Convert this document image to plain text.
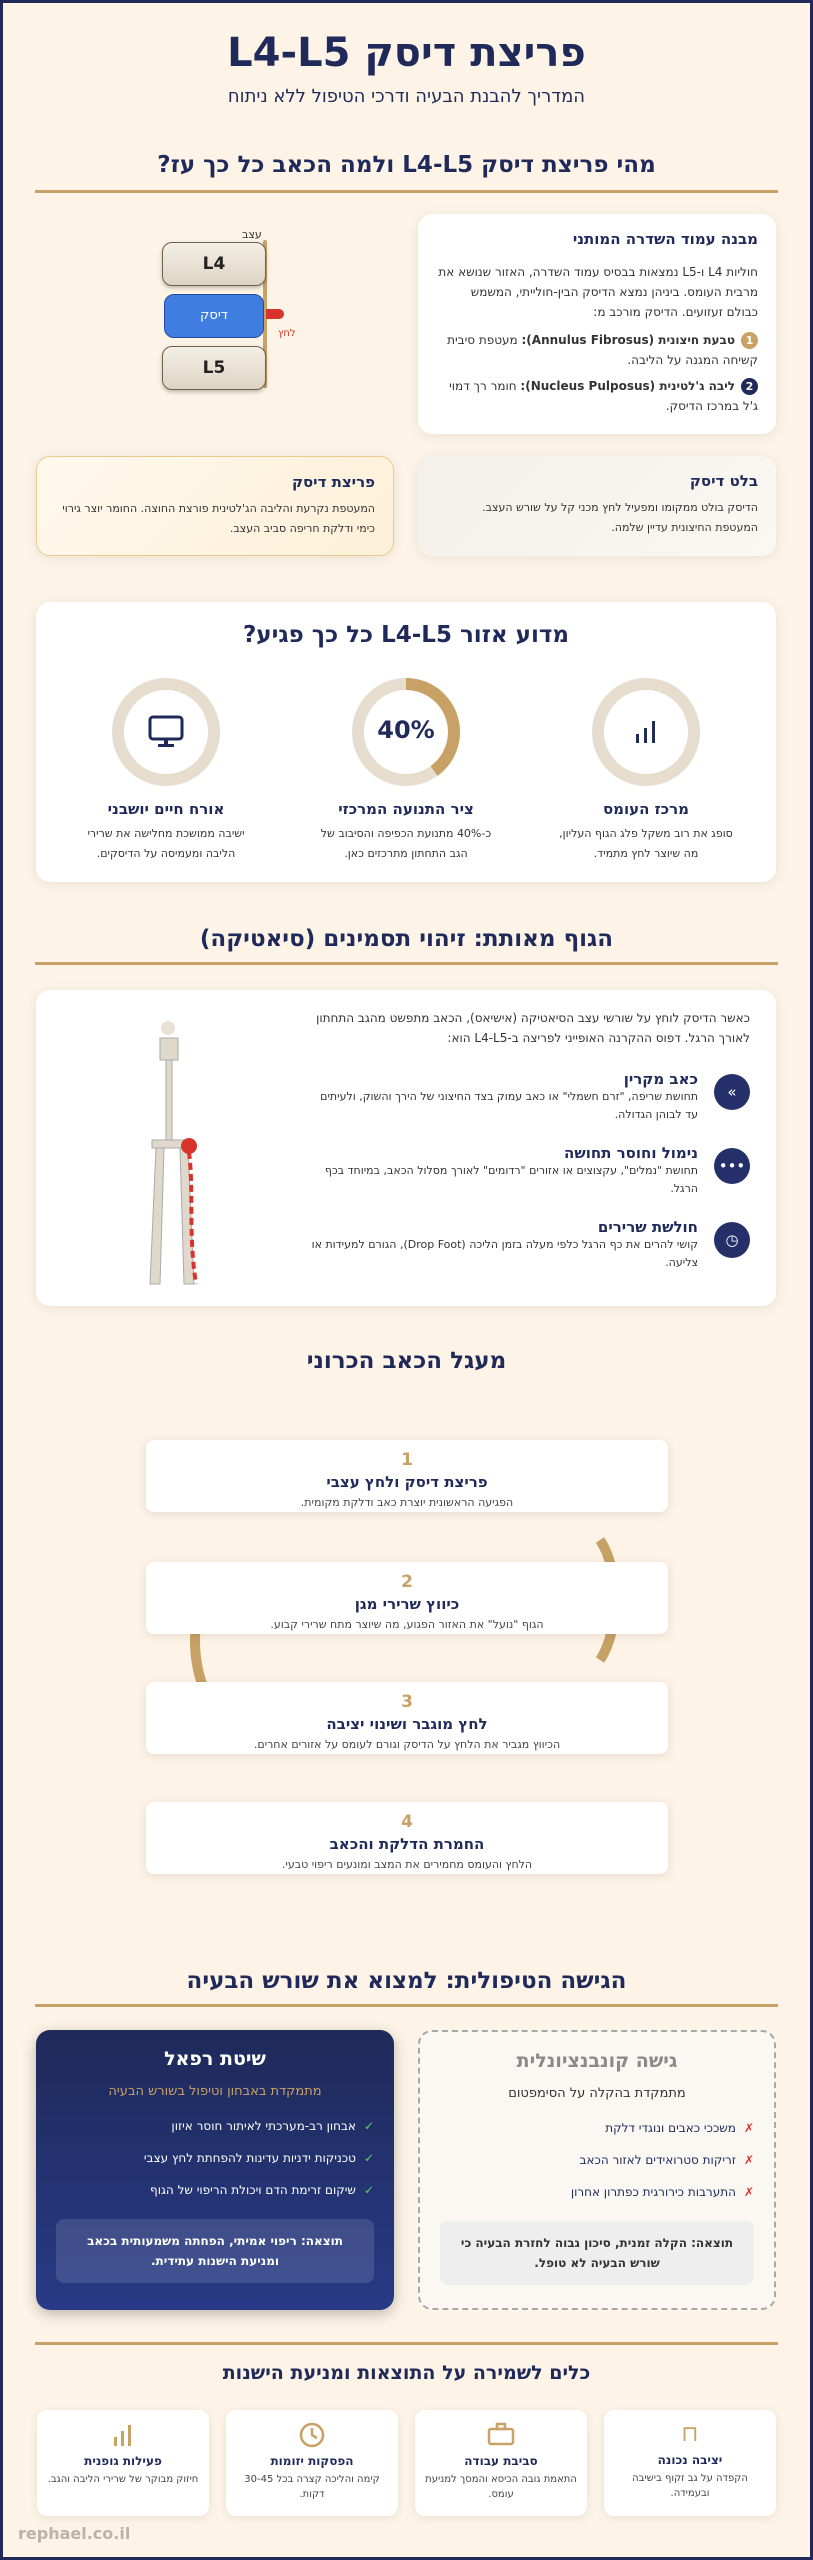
פריצת דיסק L4-L5
המדריך להבנת הבעיה ודרכי הטיפול ללא ניתוח
מהי פריצת דיסק L4-L5 ולמה הכאב כל כך עז?
מבנה עמוד השדרה המותני
חוליות L4 ו-L5 נמצאות בבסיס עמוד השדרה, האזור שנושא את מרבית העומס. ביניהן נמצא הדיסק הבין-חולייתי, המשמש כבולם זעזועים. הדיסק מורכב מ:
1טבעת חיצונית (Annulus Fibrosus): מעטפת סיבית קשיחה המגנה על הליבה.
2ליבה ג'לטינית (Nucleus Pulposus): חומר רך דמוי ג'ל במרכז הדיסק.
עצב
L4
דיסק
לחץ
L5
בלט דיסק
הדיסק בולט ממקומו ומפעיל לחץ מכני קל על שורש העצב. המעטפת החיצונית עדיין שלמה.
פריצת דיסק
המעטפת נקרעת והליבה הג'לטינית פורצת החוצה. החומר יוצר גירוי כימי ודלקת חריפה סביב העצב.
מדוע אזור L4-L5 כל כך פגיע?
מרכז העומס
סופג את רוב משקל פלג הגוף העליון, מה שיוצר לחץ מתמיד.
40%
ציר התנועה המרכזי
כ-40% מתנועת הכפיפה והסיבוב של הגב התחתון מתרכזים כאן.
אורח חיים יושבני
ישיבה ממושכת מחלישה את שרירי הליבה ומעמיסה על הדיסקים.
הגוף מאותת: זיהוי תסמינים (סיאטיקה)
כאשר הדיסק לוחץ על שורשי עצב הסיאטיקה (אישיאס), הכאב מתפשט מהגב התחתון לאורך הרגל. דפוס ההקרנה האופייני לפריצה ב-L4-L5 הוא:
»
כאב מקרין
תחושת שריפה, "זרם חשמלי" או כאב עמוק בצד החיצוני של הירך והשוק, ולעיתים עד לבוהן הגדולה.
•••
נימול וחוסר תחושה
תחושת "נמלים", עקצוצים או אזורים "רדומים" לאורך מסלול הכאב, במיוחד בכף הרגל.
◷
חולשת שרירים
קושי להרים את כף הרגל כלפי מעלה בזמן הליכה (Drop Foot), הגורם למעידות או צליעה.
מעגל הכאב הכרוני
1
פריצת דיסק ולחץ עצבי
הפגיעה הראשונית יוצרת כאב ודלקת מקומית.
2
כיווץ שרירי מגן
הגוף "נועל" את האזור הפגוע, מה שיוצר מתח שרירי קבוע.
3
לחץ מוגבר ושינוי יציבה
הכיווץ מגביר את הלחץ על הדיסק וגורם לעומס על אזורים אחרים.
4
החמרת הדלקת והכאב
הלחץ והעומס מחמירים את המצב ומונעים ריפוי טבעי.
הגישה הטיפולית: למצוא את שורש הבעיה
גישה קונבנציונלית
מתמקדת בהקלה על הסימפטום
✗משככי כאבים ונוגדי דלקת
✗זריקות סטרואידים לאזור הכאב
✗התערבות כירורגית כפתרון אחרון
תוצאה: הקלה זמנית, סיכון גבוה לחזרת הבעיה כי שורש הבעיה לא טופל.
שיטת רפאל
מתמקדת באבחון וטיפול בשורש הבעיה
✓אבחון רב-מערכתי לאיתור חוסר איזון
✓טכניקות ידניות עדינות להפחתת לחץ עצבי
✓שיקום זרימת הדם ויכולת הריפוי של הגוף
תוצאה: ריפוי אמיתי, הפחתה משמעותית בכאב ומניעת הישנות עתידית.
כלים לשמירה על התוצאות ומניעת הישנות
⊓
יציבה נכונה
הקפדה על גב זקוף בישיבה ובעמידה.
סביבת עבודה
התאמת גובה הכיסא והמסך למניעת עומס.
הפסקות יזומות
קימה והליכה קצרה בכל 30-45 דקות.
פעילות גופנית
חיזוק מבוקר של שרירי הליבה והגב.
rephael.co.il
